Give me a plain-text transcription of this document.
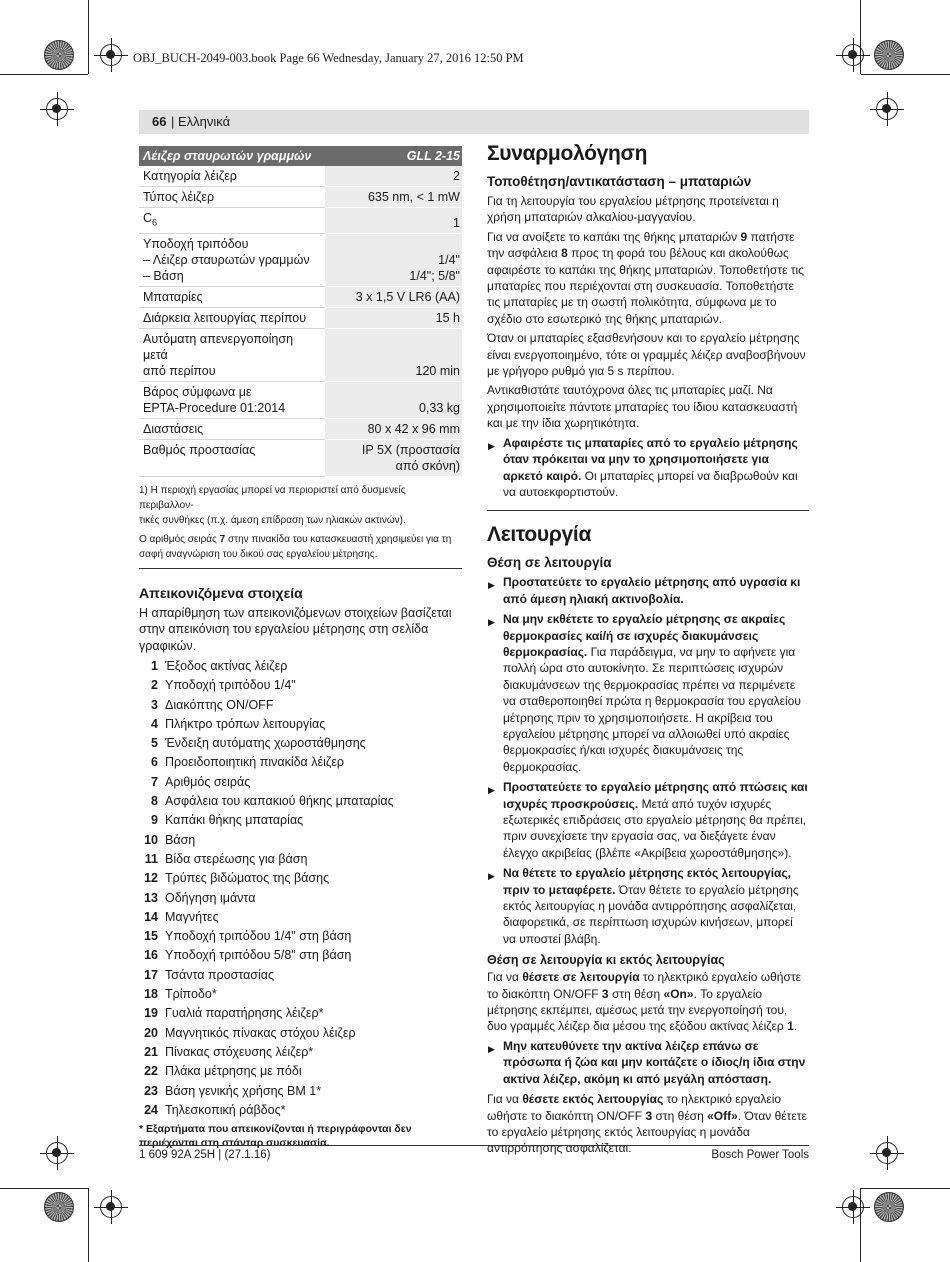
OBJ_BUCH-2049-003.book Page 66 Wednesday, January 27, 2016 12:50 PM
66 | Ελληνικά
Λέιζερ σταυρωτών γραμμών	GLL 2-15
Κατηγορία λέιζερ	2
Τύπος λέιζερ	635 nm, < 1 mW
$C_6$	1
Υποδοχή τριπόδου
– Λέιζερ σταυρωτών γραμμών
– Βάση	1/4"
1/4"; 5/8"
Μπαταρίες	3 x 1,5 V LR6 (AA)
Διάρκεια λειτουργίας περίπου	15 h
Αυτόματη απενεργοποίηση μετά
από περίπου	120 min
Βάρος σύμφωνα με
EPTA-Procedure 01:2014	0,33 kg
Διαστάσεις	80 x 42 x 96 mm
Βαθμός προστασίας	IP 5X (προστασία
από σκόνη)

1) Η περιοχή εργασίας μπορεί να περιοριστεί από δυσμενείς περιβαλλον-
τικές συνθήκες (π.χ. άμεση επίδραση των ηλιακών ακτινών).

Ο αριθμός σειράς 7 στην πινακίδα του κατασκευαστή χρησιμεύει για τη
σαφή αναγνώριση του δικού σας εργαλείου μέτρησης.

Απεικονιζόμενα στοιχεία

Η απαρίθμηση των απεικονιζόμενων στοιχείων βασίζεται στην απεικόνιση του εργαλείου μέτρησης στη σελίδα γραφικών.

1 Έξοδος ακτίνας λέιζερ
2 Υποδοχή τριπόδου 1/4"
3 Διακόπτης ON/OFF
4 Πλήκτρο τρόπων λειτουργίας
5 Ένδειξη αυτόματης χωροστάθμησης
6 Προειδοποιητική πινακίδα λέιζερ
7 Αριθμός σειράς
8 Ασφάλεια του καπακιού θήκης μπαταρίας
9 Καπάκι θήκης μπαταρίας
10 Βάση
11 Βίδα στερέωσης για βάση
12 Τρύπες βιδώματος της βάσης
13 Οδήγηση ιμάντα
14 Μαγνήτες
15 Υποδοχή τριπόδου 1/4" στη βάση
16 Υποδοχή τριπόδου 5/8" στη βάση
17 Τσάντα προστασίας
18 Τρίποδο*
19 Γυαλιά παρατήρησης λέιζερ*
20 Μαγνητικός πίνακας στόχου λέιζερ
21 Πίνακας στόχευσης λέιζερ*
22 Πλάκα μέτρησης με πόδι
23 Βάση γενικής χρήσης BM 1*
24 Τηλεσκοπική ράβδος*
* Εξαρτήματα που απεικονίζονται ή περιγράφονται δεν περιέχονται στη στάνταρ συσκευασία.
Συναρμολόγηση
Τοποθέτηση/αντικατάσταση – μπαταριών

Για τη λειτουργία του εργαλείου μέτρησης προτείνεται η χρήση μπαταριών αλκαλίου-μαγγανίου.

Για να ανοίξετε το καπάκι της θήκης μπαταριών 9 πατήστε την ασφάλεια 8 προς τη φορά του βέλους και ακολούθως αφαιρέστε το καπάκι της θήκης μπαταριών. Τοποθετήστε τις μπαταρίες που περιέχονται στη συσκευασία. Τοποθετήστε τις μπαταρίες με τη σωστή πολικότητα, σύμφωνα με το σχέδιο στο εσωτερικό της θήκης μπαταριών.

Όταν οι μπαταρίες εξασθενήσουν και το εργαλείο μέτρησης είναι ενεργοποιημένο, τότε οι γραμμές λέιζερ αναβοσβήνουν με γρήγορο ρυθμό για 5 s περίπου.

Αντικαθιστάτε ταυτόχρονα όλες τις μπαταρίες μαζί. Να χρησιμοποιείτε πάντοτε μπαταρίες του ίδιου κατασκευαστή και με την ίδια χωρητικότητα.

▶ Αφαιρέστε τις μπαταρίες από το εργαλείο μέτρησης όταν πρόκειται να μην το χρησιμοποιήσετε για αρκετό καιρό. Οι μπαταρίες μπορεί να διαβρωθούν και να αυτοεκφορτιστούν.
Λειτουργία
Θέση σε λειτουργία
▶ Προστατεύετε το εργαλείο μέτρησης από υγρασία κι από άμεση ηλιακή ακτινοβολία.
▶ Να μην εκθέτετε το εργαλείο μέτρησης σε ακραίες θερμοκρασίες καί/ή σε ισχυρές διακυμάνσεις θερμοκρασίας. Για παράδειγμα, να μην το αφήνετε για πολλή ώρα στο αυτοκίνητο. Σε περιπτώσεις ισχυρών διακυμάνσεων της θερμοκρασίας πρέπει να περιμένετε να σταθεροποιηθεί πρώτα η θερμοκρασία του εργαλείου μέτρησης πριν το χρησιμοποιήσετε. Η ακρίβεια του εργαλείου μέτρησης μπορεί να αλλοιωθεί υπό ακραίες θερμοκρασίες ή/και ισχυρές διακυμάνσεις της θερμοκρασίας.
▶ Προστατεύετε το εργαλείο μέτρησης από πτώσεις και ισχυρές προσκρούσεις. Μετά από τυχόν ισχυρές εξωτερικές επιδράσεις στο εργαλείο μέτρησης θα πρέπει, πριν συνεχίσετε την εργασία σας, να διεξάγετε έναν έλεγχο ακριβείας (βλέπε «Ακρίβεια χωροστάθμησης»).
▶ Να θέτετε το εργαλείο μέτρησης εκτός λειτουργίας, πριν το μεταφέρετε. Όταν θέτετε το εργαλείο μέτρησης εκτός λειτουργίας η μονάδα αντιρρόπησης ασφαλίζεται, διαφορετικά, σε περίπτωση ισχυρών κινήσεων, μπορεί να υποστεί βλάβη.
Θέση σε λειτουργία κι εκτός λειτουργίας

Για να θέσετε σε λειτουργία το ηλεκτρικό εργαλείο ωθήστε το διακόπτη ON/OFF 3 στη θέση «On». Το εργαλείο μέτρησης εκπέμπει, αμέσως μετά την ενεργοποίησή του, δυο γραμμές λέιζερ δια μέσου της εξόδου ακτίνας λέιζερ 1.

▶ Μην κατευθύνετε την ακτίνα λέιζερ επάνω σε πρόσωπα ή ζώα και μην κοιτάζετε ο ίδιος/η ίδια στην ακτίνα λέιζερ, ακόμη κι από μεγάλη απόσταση.

Για να θέσετε εκτός λειτουργίας το ηλεκτρικό εργαλείο ωθήστε το διακόπτη ON/OFF 3 στη θέση «Off». Όταν θέτετε το εργαλείο μέτρησης εκτός λειτουργίας η μονάδα αντιρρόπησης ασφαλίζεται.

1 609 92A 25H | (27.1.16)	Bosch Power Tools
